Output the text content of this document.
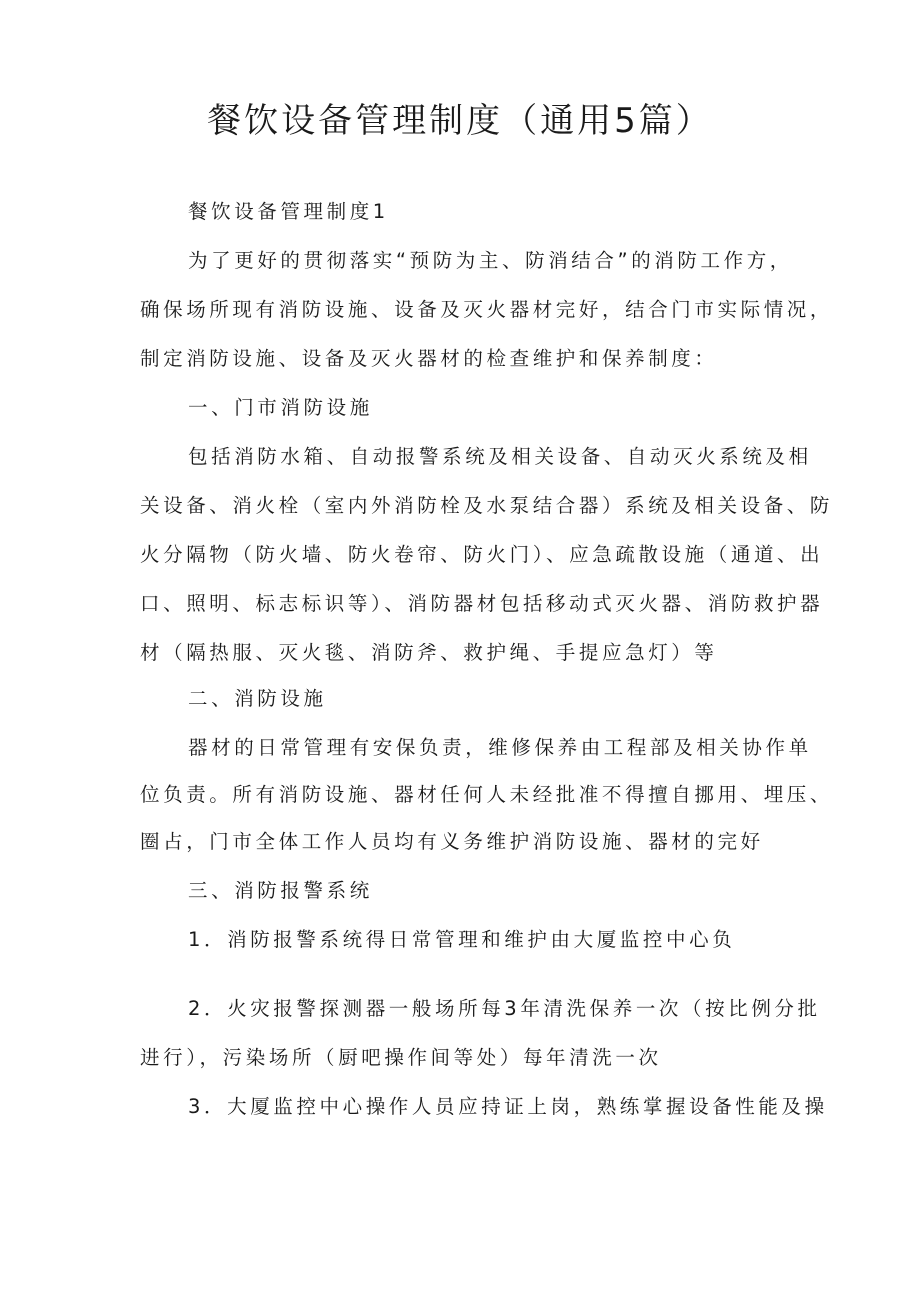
餐饮设备管理制度（通用5篇）

餐饮设备管理制度1

为了更好的贯彻落实“预防为主、防消结合”的消防工作方，

确保场所现有消防设施、设备及灭火器材完好，结合门市实际情况，

制定消防设施、设备及灭火器材的检查维护和保养制度：

一、门市消防设施

包括消防水箱、自动报警系统及相关设备、自动灭火系统及相

关设备、消火栓（室内外消防栓及水泵结合器）系统及相关设备、防

火分隔物（防火墙、防火卷帘、防火门）、应急疏散设施（通道、出

口、照明、标志标识等）、消防器材包括移动式灭火器、消防救护器

材（隔热服、灭火毯、消防斧、救护绳、手提应急灯）等

二、消防设施

器材的日常管理有安保负责，维修保养由工程部及相关协作单

位负责。所有消防设施、器材任何人未经批准不得擅自挪用、埋压、

圈占，门市全体工作人员均有义务维护消防设施、器材的完好

三、消防报警系统

1．消防报警系统得日常管理和维护由大厦监控中心负

2．火灾报警探测器一般场所每3年清洗保养一次（按比例分批

进行），污染场所（厨吧操作间等处）每年清洗一次

3．大厦监控中心操作人员应持证上岗，熟练掌握设备性能及操
